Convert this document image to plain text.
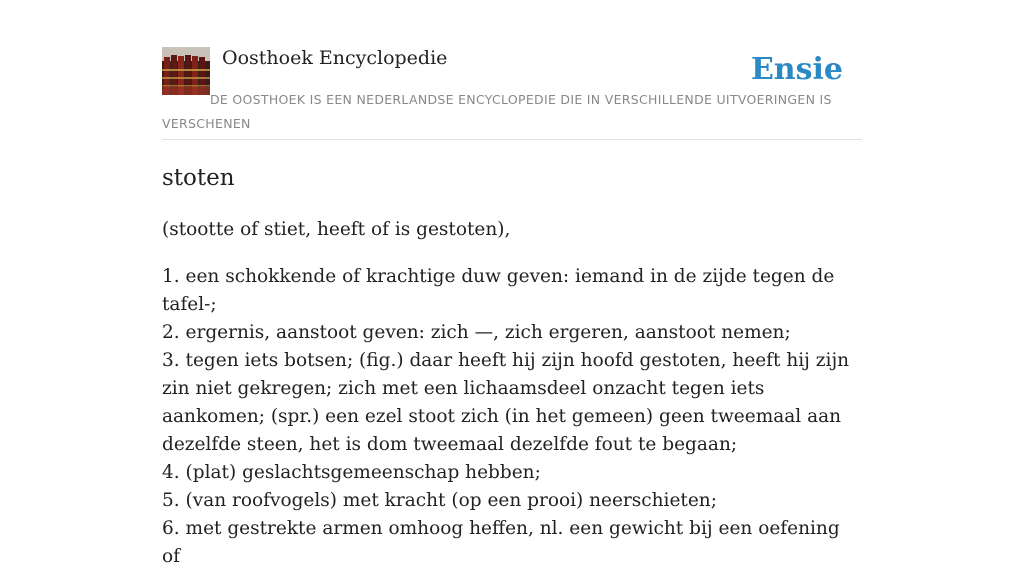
Oosthoek Encyclopedie	Ensie
DE OOSTHOEK IS EEN NEDERLANDSE ENCYCLOPEDIE DIE IN VERSCHILLENDE UITVOERINGEN IS VERSCHENEN
stoten

(stootte of stiet, heeft of is gestoten),

1. een schokkende of krachtige duw geven: iemand in de zijde tegen de tafel-;
2. ergernis, aanstoot geven: zich —, zich ergeren, aanstoot nemen;
3. tegen iets botsen; (fig.) daar heeft hij zijn hoofd gestoten, heeft hij zijn zin niet gekregen; zich met een lichaamsdeel onzacht tegen iets aankomen; (spr.) een ezel stoot zich (in het gemeen) geen tweemaal aan dezelfde steen, het is dom tweemaal dezelfde fout te begaan;
4. (plat) geslachtsgemeenschap hebben;
5. (van roofvogels) met kracht (op een prooi) neerschieten;
6. met gestrekte armen omhoog heffen, nl. een gewicht bij een oefening of
